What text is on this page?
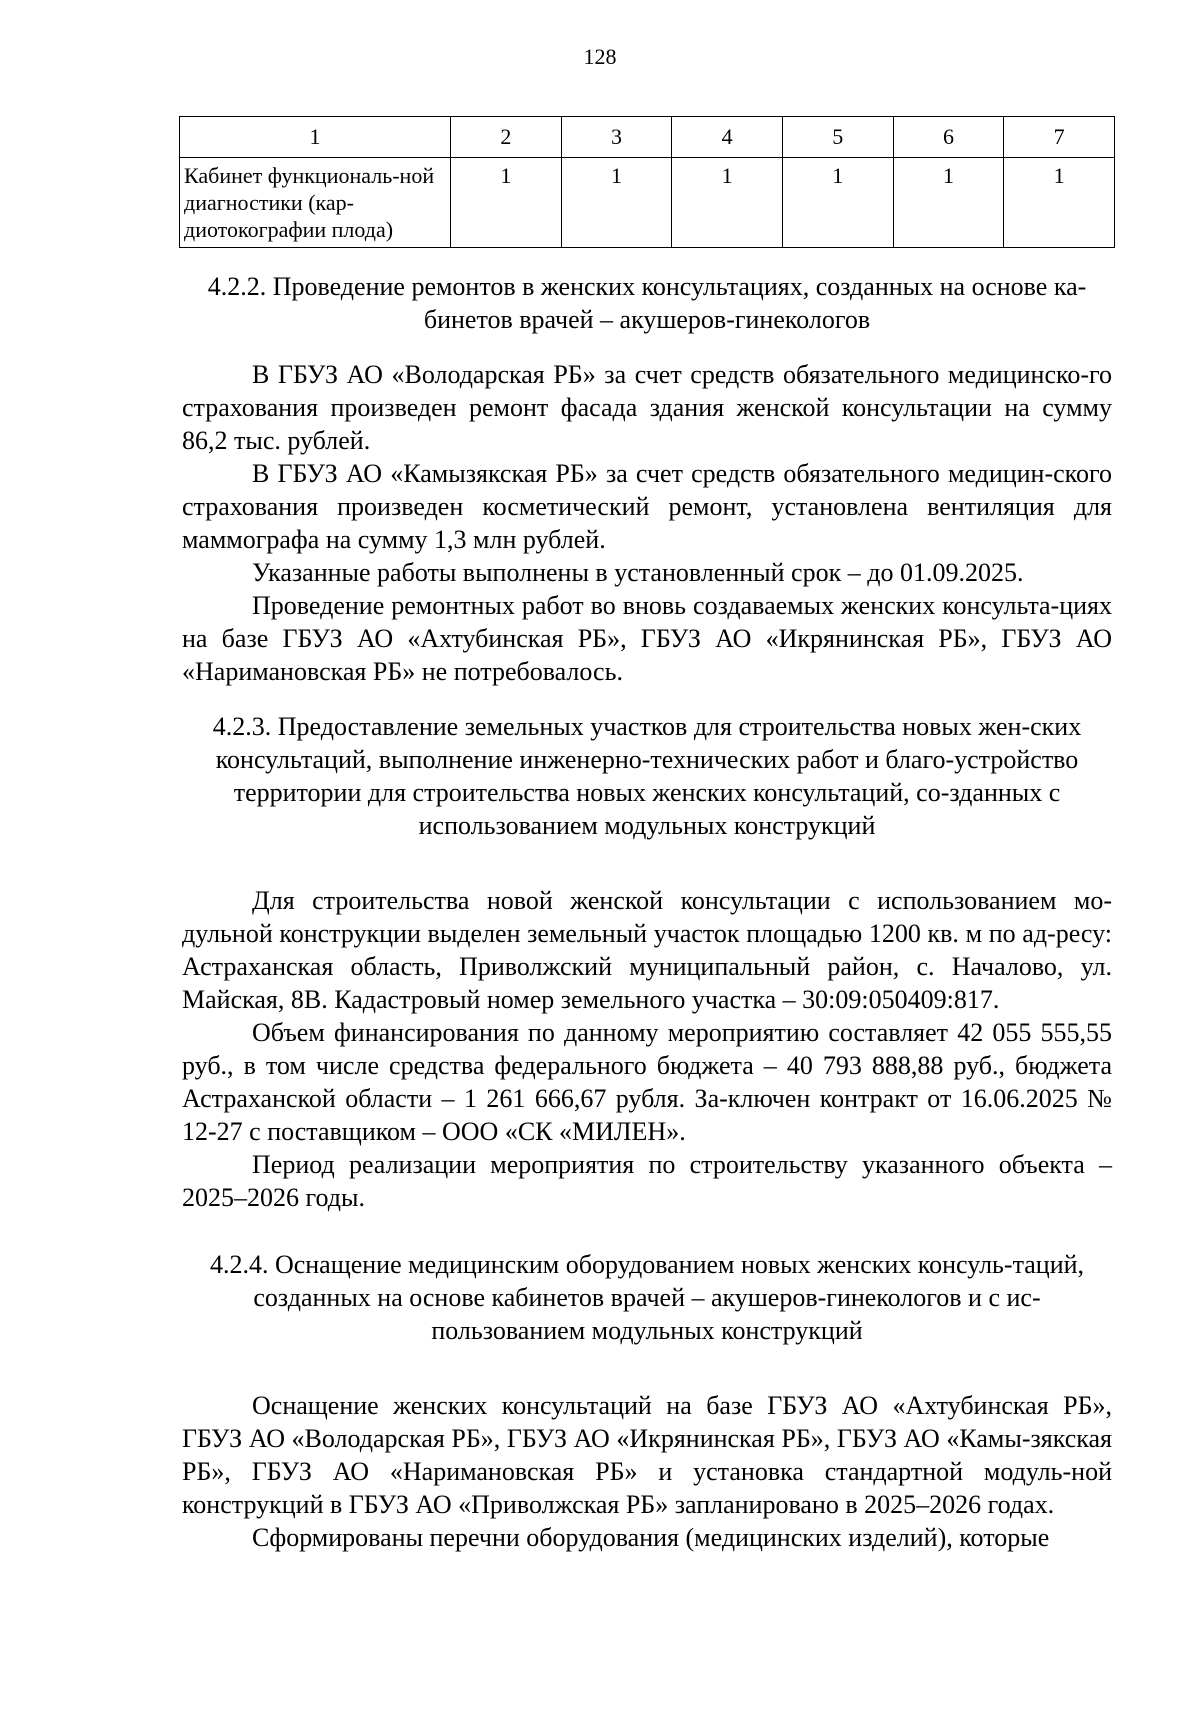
128
1	2	3	4	5	6	7
Кабинет функциональ-ной диагностики (кар-диотокографии плода)	1	1	1	1	1	1
4.2.2. Проведение ремонтов в женских консультациях, созданных на основе ка-бинетов врачей – акушеров-гинекологов

В ГБУЗ АО «Володарская РБ» за счет средств обязательного медицинско-го страхования произведен ремонт фасада здания женской консультации на сумму 86,2 тыс. рублей.

В ГБУЗ АО «Камызякская РБ» за счет средств обязательного медицин-ского страхования произведен косметический ремонт, установлена вентиляция для маммографа на сумму 1,3 млн рублей.

Указанные работы выполнены в установленный срок – до 01.09.2025.

Проведение ремонтных работ во вновь создаваемых женских консульта-циях на базе ГБУЗ АО «Ахтубинская РБ», ГБУЗ АО «Икрянинская РБ», ГБУЗ АО «Наримановская РБ» не потребовалось.

4.2.3. Предоставление земельных участков для строительства новых жен-ских консультаций, выполнение инженерно-технических работ и благо-устройство территории для строительства новых женских консультаций, со-зданных с использованием модульных конструкций

Для строительства новой женской консультации с использованием мо-дульной конструкции выделен земельный участок площадью 1200 кв. м по ад-ресу: Астраханская область, Приволжский муниципальный район, с. Началово, ул. Майская, 8В. Кадастровый номер земельного участка – 30:09:050409:817.

Объем финансирования по данному мероприятию составляет 42 055 555,55 руб., в том числе средства федерального бюджета – 40 793 888,88 руб., бюджета Астраханской области – 1 261 666,67 рубля. За-ключен контракт от 16.06.2025 № 12-27 с поставщиком – ООО «СК «МИЛЕН».

Период реализации мероприятия по строительству указанного объекта – 2025–2026 годы.

4.2.4. Оснащение медицинским оборудованием новых женских консуль-таций, созданных на основе кабинетов врачей – акушеров-гинекологов и с ис-пользованием модульных конструкций

Оснащение женских консультаций на базе ГБУЗ АО «Ахтубинская РБ», ГБУЗ АО «Володарская РБ», ГБУЗ АО «Икрянинская РБ», ГБУЗ АО «Камы-зякская РБ», ГБУЗ АО «Наримановская РБ» и установка стандартной модуль-ной конструкций в ГБУЗ АО «Приволжская РБ» запланировано в 2025–2026 годах.

Сформированы перечни оборудования (медицинских изделий), которые
